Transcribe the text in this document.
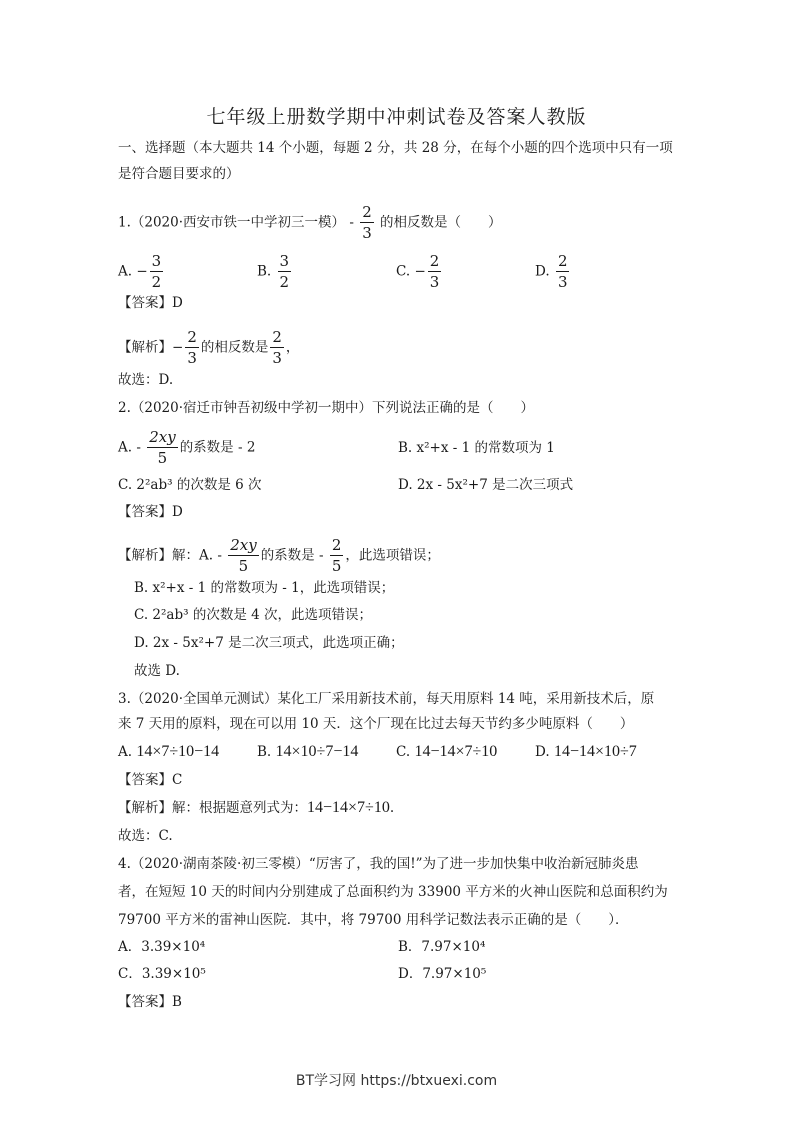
七年级上册数学期中冲刺试卷及答案人教版
一、选择题（本大题共 14 个小题，每题 2 分，共 28 分，在每个小题的四个选项中只有一项
是符合题目要求的）
1.（2020·西安市铁一中学初三一模） - $\frac{2}{3}$ 的相反数是（　　）
A. − $\frac{3}{2}$	B. $\frac{3}{2}$	C. − $\frac{2}{3}$	D. $\frac{2}{3}$
【答案】D
【解析】− $\frac{2}{3}$ 的相反数是 $\frac{2}{3}$ ，
故选：D.
2.（2020·宿迁市钟吾初级中学初一期中）下列说法正确的是（　　）
A. - $\frac{2xy}{5}$ 的系数是 - 2	B. x²+x - 1 的常数项为 1
C. 2²ab³ 的次数是 6 次	D. 2x - 5x²+7 是二次三项式
【答案】D
【解析】解：A. - $\frac{2xy}{5}$ 的系数是 - $\frac{2}{5}$ ，此选项错误；
B. x²+x - 1 的常数项为 - 1，此选项错误；
C. 2²ab³ 的次数是 4 次，此选项错误；
D. 2x - 5x²+7 是二次三项式，此选项正确；
故选 D.
3.（2020·全国单元测试）某化工厂采用新技术前，每天用原料 14 吨，采用新技术后，原
来 7 天用的原料，现在可以用 10 天．这个厂现在比过去每天节约多少吨原料（　　）
A. 14×7÷10−14	B. 14×10÷7−14	C. 14−14×7÷10	D. 14−14×10÷7
【答案】C
【解析】解：根据题意列式为：14−14×7÷10.
故选：C.
4.（2020·湖南茶陵·初三零模）“厉害了，我的国!”为了进一步加快集中收治新冠肺炎患
者，在短短 10 天的时间内分别建成了总面积约为 33900 平方米的火神山医院和总面积约为
79700 平方米的雷神山医院．其中，将 79700 用科学记数法表示正确的是（　　）．
A．3.39×10⁴	B．7.97×10⁴
C．3.39×10⁵	D．7.97×10⁵
【答案】B
BT学习网 https://btxuexi.com
